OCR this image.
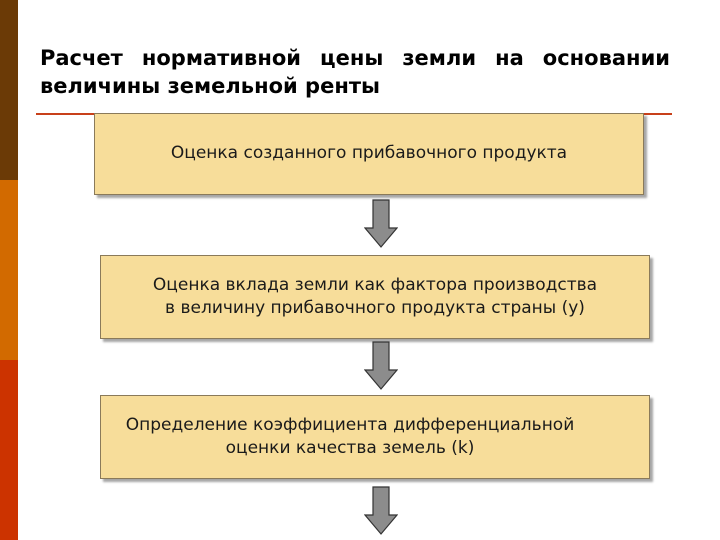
Расчет нормативной цены земли на основании
величины земельной ренты
Оценка созданного прибавочного продукта
Оценка вклада земли как фактора производства
в величину прибавочного продукта страны (у)
Определение коэффициента дифференциальной
оценки качества земель (k)
